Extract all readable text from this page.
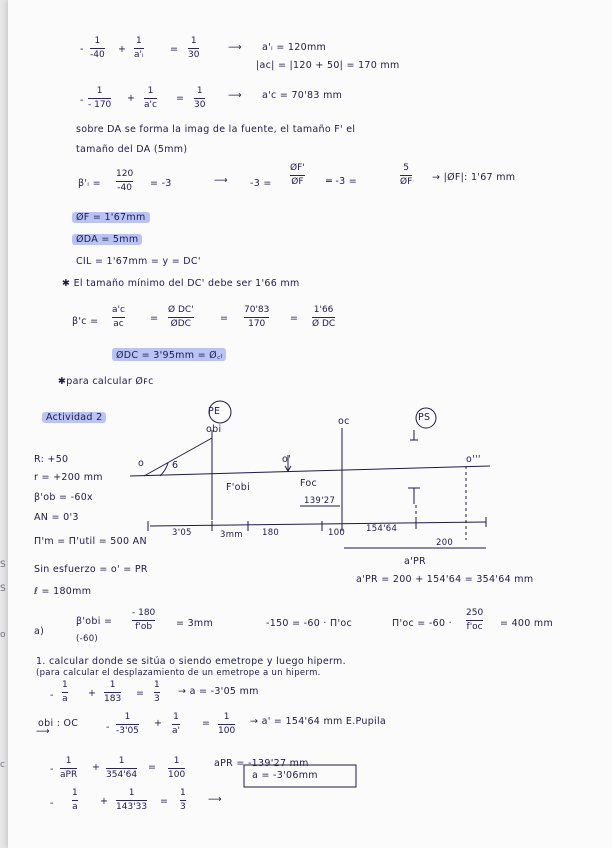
S
S
o
c
-
1
-40 +
1
a'ᵢ	=
1
30
⟶ a'ᵢ = 120mm
|ac| = |120 + 50| = 170 mm
-
1
- 170
+
1
a'c
=
1
30
⟶ a'c = 70'83 mm
sobre DA se forma la imag de la fuente, el tamaño F' el
tamaño del DA (5mm)
β'ᵢ =
120
-40 = -3	⟶ -3 =
ØF'
ØF ═ -3 =
5
ØF → |ØF|: 1'67 mm
ØF = 1'67mm
ØDA = 5mm
CIL = 1'67mm = y = DC'
✱ El tamaño mínimo del DC' debe ser 1'66 mm
β'c =
a'c
ac	=
Ø DC'
ØDC	=
70'83
170	=
1'66
Ø DC
ØDC = 3'95mm = Ø꜀ₗ
✱para calcular Øꜰᴄ
Actividad 2
R: +50
r = +200 mm
β'ob = -60x
AN = 0'3
Π'm = Π'util = 500 AN
Sin esfuerzo = o' = PR
ℓ = 180mm
PE
obi
oc	PS
o	6
F'obi
o'
Foc
o'''
139'27
3'05	3mm 180	100 154'64
200
a'PR
a'PR = 200 + 154'64 = 354'64 mm
a)
β'obi =
(-60)
- 180
f'ob	= 3mm	-150 = -60 · Π'oc	Π'oc = -60 ·
250
f'oc = 400 mm
1. calcular donde se sitúa o siendo emetrope y luego hiperm.
(para calcular el desplazamiento de un emetrope a un hiperm.
-
1
a +
1
183 =
1
3
→ a = -3'05 mm
obi : OC
⟶	-
1
-3'05
+
1
a'
=
1
100
→ a' = 154'64 mm E.Pupila
-
1
aPR
+
1
354'64
=
1
100
aPR = -139'27 mm
-
1
a +
1
143'33 =
1
3
⟶
a = -3'06mm
